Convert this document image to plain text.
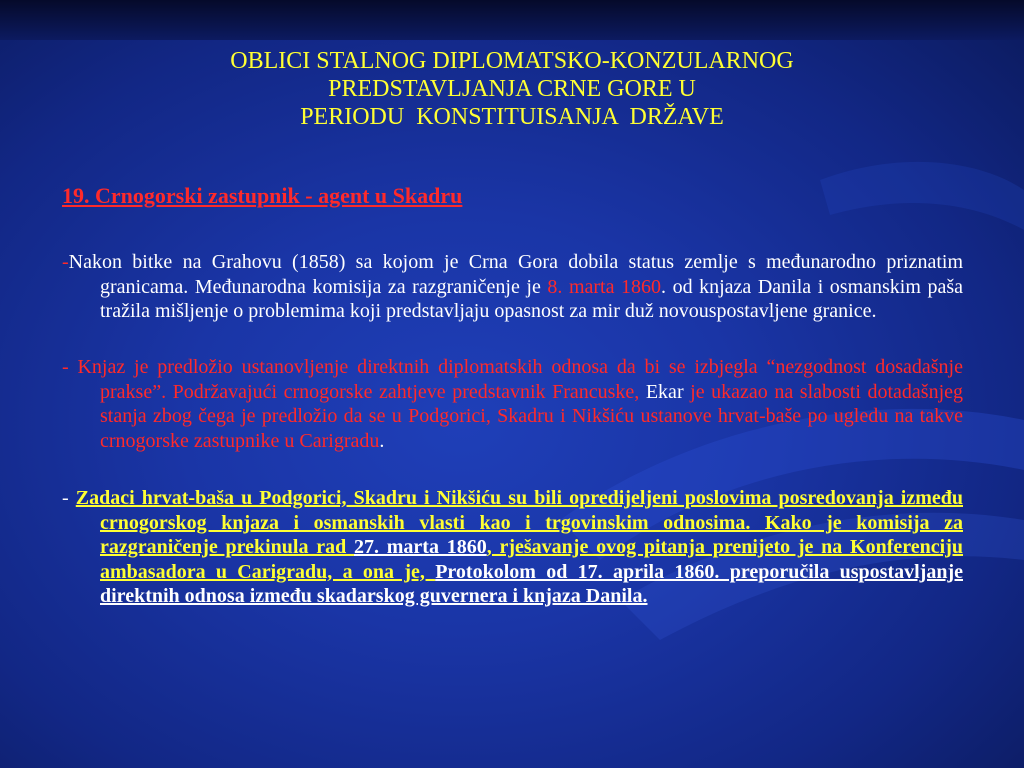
OBLICI STALNOG DIPLOMATSKO-KONZULARNOG
PREDSTAVLJANJA CRNE GORE U
PERIODU  KONSTITUISANJA  DRŽAVE
19. Crnogorski zastupnik - agent u Skadru
-Nakon bitke na Grahovu (1858) sa kojom je Crna Gora dobila status zemlje s međunarodno priznatim granicama. Međunarodna komisija za razgraničenje je 8. marta 1860. od knjaza Danila i osmanskim paša tražila mišljenje o problemima koji predstavljaju opasnost za mir duž novouspostavljene granice.
- Knjaz je predložio ustanovljenje direktnih diplomatskih odnosa da bi se izbjegla “nezgodnost dosadašnje prakse”. Podržavajući crnogorske zahtjeve predstavnik Francuske, Ekar je ukazao na slabosti dotadašnjeg stanja zbog čega je predložio da se u Podgorici, Skadru i Nikšiću ustanove hrvat-baše po ugledu na takve crnogorske zastupnike u Carigradu.
- Zadaci hrvat-baša u Podgorici, Skadru i Nikšiću su bili opredijeljeni poslovima posredovanja između crnogorskog knjaza i osmanskih vlasti kao i trgovinskim odnosima. Kako je komisija za razgraničenje prekinula rad 27. marta 1860, rješavanje ovog pitanja prenijeto je na Konferenciju ambasadora u Carigradu, a ona je, Protokolom od 17. aprila 1860. preporučila uspostavljanje direktnih odnosa između skadarskog guvernera i knjaza Danila.
